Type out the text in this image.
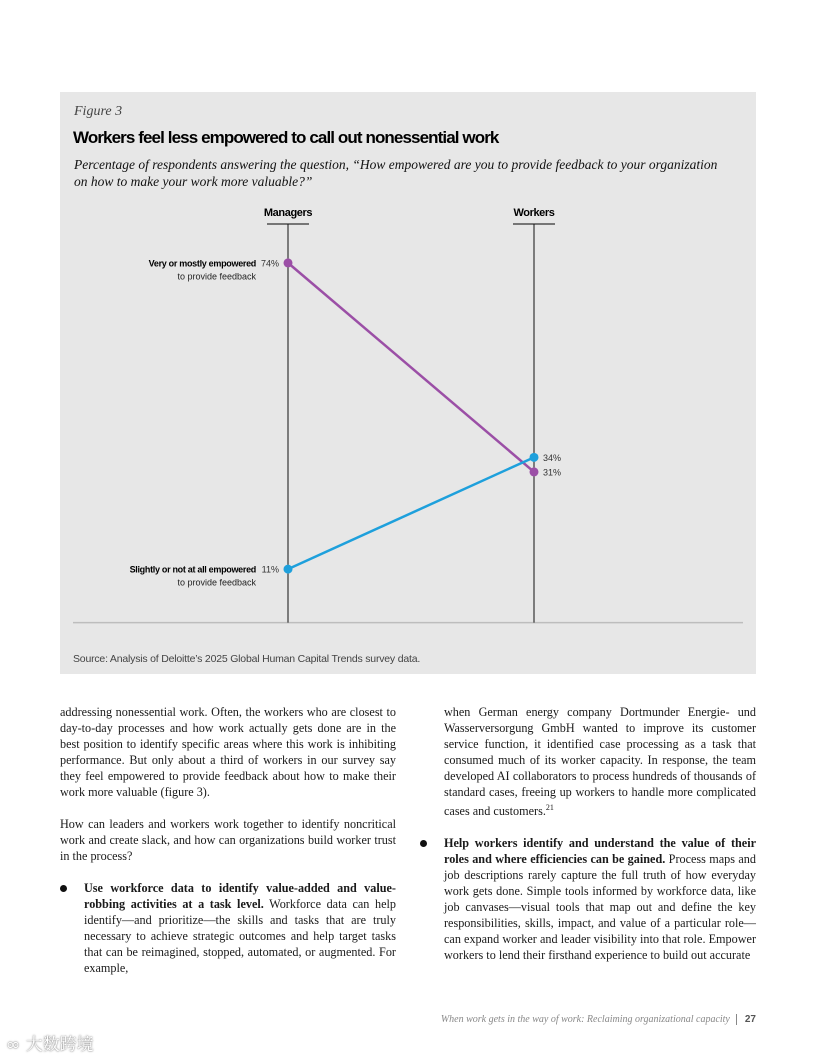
Figure 3
Workers feel less empowered to call out nonessential work
Percentage of respondents answering the question, “How empowered are you to provide feedback to your organization on how to make your work more valuable?”
Managers	Workers
74%
31%
Very or mostly empowered
to provide feedback
11%
34%
Slightly or not at all empowered
to provide feedback
Source: Analysis of Deloitte’s 2025 Global Human Capital Trends survey data.

addressing nonessential work. Often, the workers who are closest to day-to-day processes and how work actually gets done are in the best position to identify specific areas where this work is inhibiting performance. But only about a third of workers in our survey say they feel empowered to provide feedback about how to make their work more valuable (figure 3).

How can leaders and workers work together to identify noncritical work and create slack, and how can organizations build worker trust in the process?

Use workforce data to identify value-added and value-robbing activities at a task level. Workforce data can help identify—and prioritize—the skills and tasks that are truly necessary to achieve strategic outcomes and help target tasks that can be reimagined, stopped, automated, or augmented. For example,

when German energy company Dortmunder Energie- und Wasserversorgung GmbH wanted to improve its customer service function, it identified case processing as a task that consumed much of its worker capacity. In response, the team developed AI collaborators to process hundreds of thousands of standard cases, freeing up workers to handle more complicated cases and customers.$^{21}$

Help workers identify and understand the value of their roles and where efficiencies can be gained. Process maps and job descriptions rarely capture the full truth of how everyday work gets done. Simple tools informed by workforce data, like job canvases—visual tools that map out and define the key responsibilities, skills, impact, and value of a particular role—can expand worker and leader visibility into that role. Empower workers to lend their firsthand experience to build out accurate

When work gets in the way of work: Reclaiming organizational capacity 27
∞ 大数跨境
